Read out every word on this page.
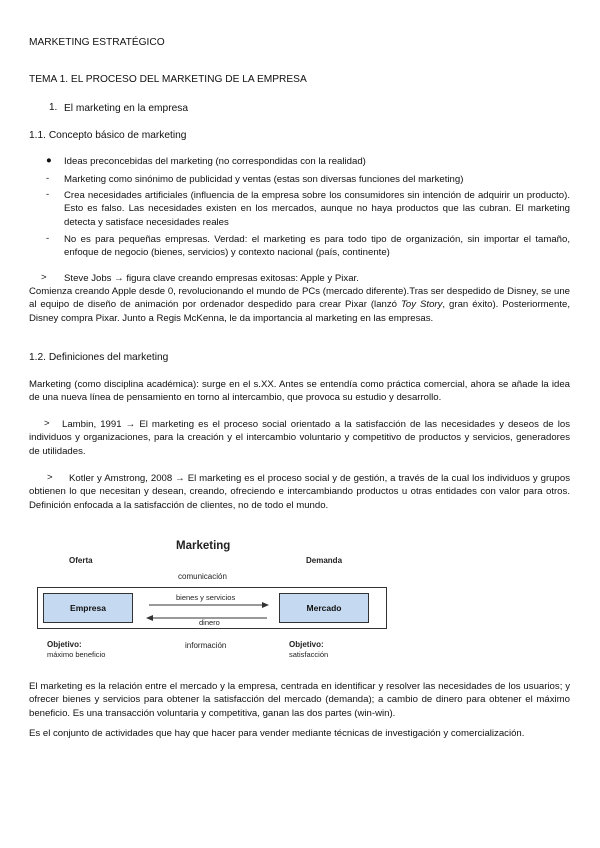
MARKETING ESTRATÉGICO

TEMA 1. EL PROCESO DEL MARKETING DE LA EMPRESA

1. El marketing en la empresa

1.1. Concepto básico de marketing

● Ideas preconcebidas del marketing (no correspondidas con la realidad)

- Marketing como sinónimo de publicidad y ventas (estas son diversas funciones del marketing)

- Crea necesidades artificiales (influencia de la empresa sobre los consumidores sin intención de adquirir un producto). Esto es falso. Las necesidades existen en los mercados, aunque no haya productos que las cubran. El marketing detecta y satisface necesidades reales

- No es para pequeñas empresas. Verdad: el marketing es para todo tipo de organización, sin importar el tamaño, enfoque de negocio (bienes, servicios) y contexto nacional (país, continente)

> Steve Jobs → figura clave creando empresas exitosas: Apple y Pixar.

Comienza creando Apple desde 0, revolucionando el mundo de PCs (mercado diferente).Tras ser despedido de Disney, se une al equipo de diseño de animación por ordenador despedido para crear Pixar (lanzó Toy Story, gran éxito). Posteriormente, Disney compra Pixar. Junto a Regis McKenna, le da importancia al marketing en las empresas.

1.2. Definiciones del marketing

Marketing (como disciplina académica): surge en el s.XX. Antes se entendía como práctica comercial, ahora se añade la idea de una nueva línea de pensamiento en torno al intercambio, que provoca su estudio y desarrollo.

>	Lambin, 1991 → El marketing es el proceso social orientado a la satisfacción de las necesidades y deseos de los individuos y organizaciones, para la creación y el intercambio voluntario y competitivo de productos y servicios, generadores de utilidades.

>	Kotler y Amstrong, 2008 → El marketing es el proceso social y de gestión, a través de la cual los individuos y grupos obtienen lo que necesitan y desean, creando, ofreciendo e intercambiando productos u otras entidades con valor para otros. Definición enfocada a la satisfacción de clientes, no de todo el mundo.

Marketing
Oferta	Demanda
comunicación
Empresa	Mercado
bienes y servicios
dinero
información
Objetivo:
máximo beneficio
Objetivo:
satisfacción

El marketing es la relación entre el mercado y la empresa, centrada en identificar y resolver las necesidades de los usuarios; y ofrecer bienes y servicios para obtener la satisfacción del mercado (demanda); a cambio de dinero para obtener el máximo beneficio. Es una transacción voluntaria y competitiva, ganan las dos partes (win-win).

Es el conjunto de actividades que hay que hacer para vender mediante técnicas de investigación y comercialización.
